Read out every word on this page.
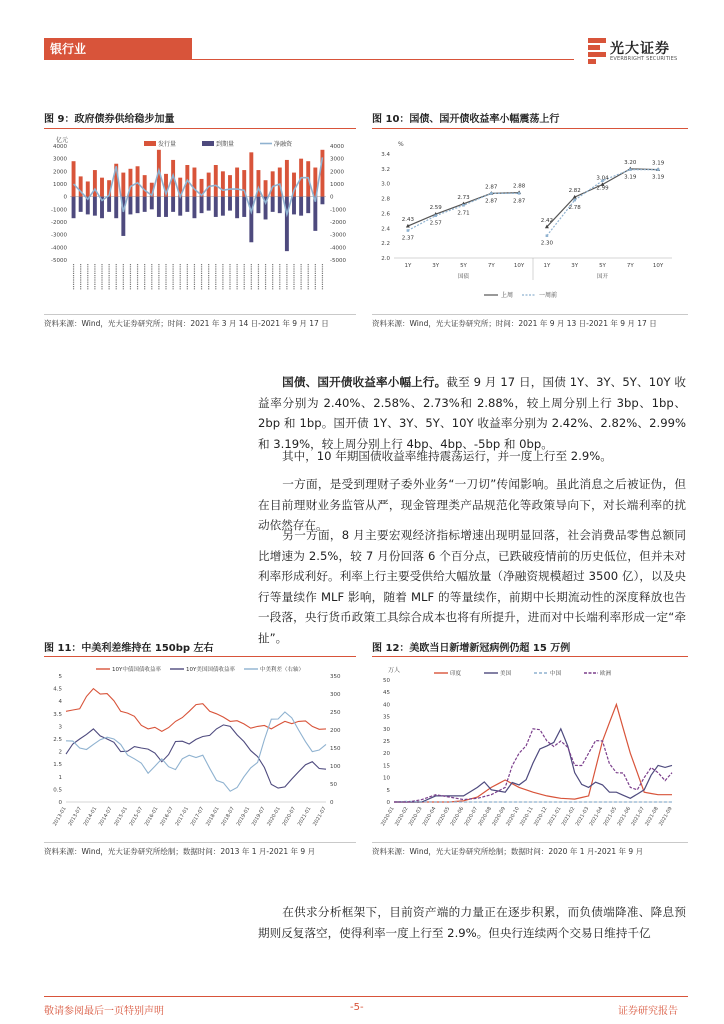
银行业	光大证券
EVERBRIGHT SECURITIES
图 9：政府债券供给稳步加量
亿元
4000
3000
2000
1000
0
-1000
-2000
-3000
-4000
-5000
4000
3000
2000
1000
0
-1000
-2000
-3000
-4000
-5000
发行量	到期量	净融资
资料来源：Wind，光大证券研究所；时间：2021 年 3 月 14 日-2021 年 9 月 17 日
图 10：国债、国开债收益率小幅震荡上行
%
3.4
3.2
3.0
2.8
2.6
2.4
2.2
2.0
1Y	3Y	5Y	7Y	10Y	1Y	3Y	5Y	7Y	10Y
国债	国开
2.43
2.59
2.73
2.87	2.88
2.42
2.82
3.04
3.20	3.19
2.37
2.57
2.71
2.87	2.87
2.30
2.78
2.99
3.19	3.19
上周	一周前
资料来源：Wind，光大证券研究所；时间：2021 年 9 月 13 日-2021 年 9 月 17 日

国债、国开债收益率小幅上行。截至 9 月 17 日，国债 1Y、3Y、5Y、10Y 收益率分别为 2.40%、2.58%、2.73%和 2.88%，较上周分别上行 3bp、1bp、2bp 和 1bp。国开债 1Y、3Y、5Y、10Y 收益率分别为 2.42%、2.82%、2.99% 和 3.19%，较上周分别上行 4bp、4bp、-5bp 和 0bp。

其中，10 年期国债收益率维持震荡运行，并一度上行至 2.9%。

一方面，是受到理财子委外业务“一刀切”传闻影响。虽此消息之后被证伪，但在目前理财业务监管从严，现金管理类产品规范化等政策导向下，对长端利率的扰动依然存在。

另一方面，8 月主要宏观经济指标增速出现明显回落，社会消费品零售总额同比增速为 2.5%，较 7 月份回落 6 个百分点，已跌破疫情前的历史低位，但并未对利率形成利好。利率上行主要受供给大幅放量（净融资规模超过 3500 亿），以及央行等量续作 MLF 影响，随着 MLF 的等量续作，前期中长期流动性的深度释放也告一段落，央行货币政策工具综合成本也将有所提升，进而对中长端利率形成一定“牵扯”。

图 11：中美利差维持在 150bp 左右
5
4.5
4
3.5
3
2.5
2
1.5
1
0.5
0
350
300
250
200
150
100
50
0
10Y中债国债收益率	10Y美国国债收益率	中美利差（右轴）
2013-01 2013-07 2014-01 2014-07 2015-01 2015-07 2016-01 2016-07 2017-01 2017-07 2018-01 2018-07 2019-01 2019-07 2020-01 2020-07 2021-01 2021-07
资料来源：Wind，光大证券研究所绘制；数据时间：2013 年 1 月-2021 年 9 月
图 12：美欧当日新增新冠病例仍超 15 万例
万人
50
45
40
35
30
25
20
15
10
5
0
印度	美国	中国	欧洲
2020-01
2020-02
2020-03
2020-04
2020-05
2020-06
2020-07
2020-08
2020-09
2020-10
2020-11
2020-12
2021-01
2021-02
2021-03
2021-04
2021-05
2021-06
2021-07
2021-08
2021-09
资料来源：Wind，光大证券研究所绘制；数据时间：2020 年 1 月-2021 年 9 月

在供求分析框架下，目前资产端的力量正在逐步积累，而负债端降准、降息预期则反复落空，使得利率一度上行至 2.9%。但央行连续两个交易日维持千亿

敬请参阅最后一页特别声明	-5-	证券研究报告
